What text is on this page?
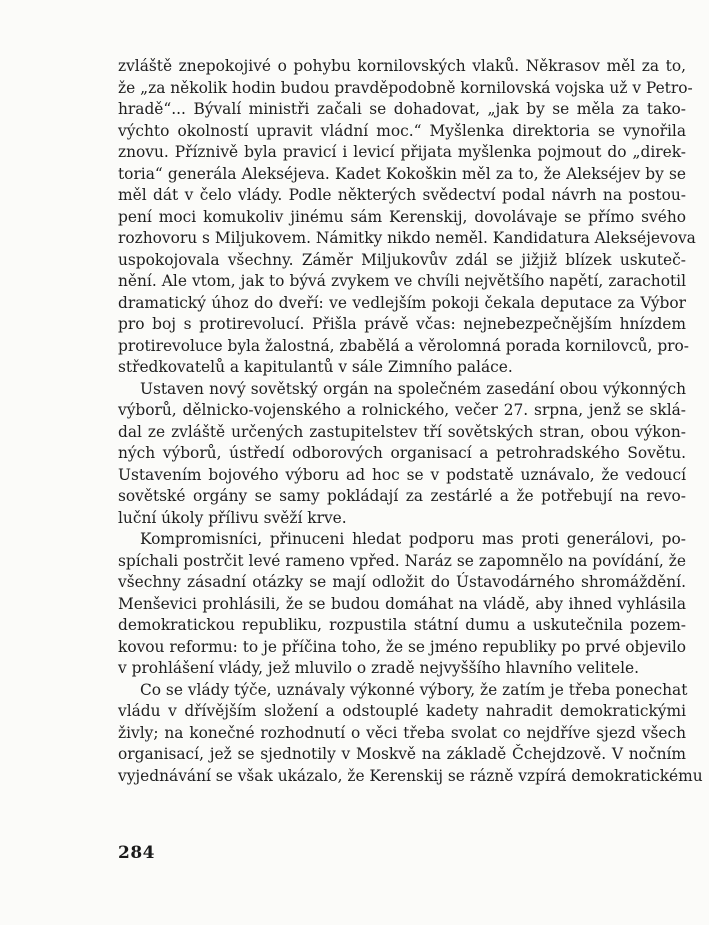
zvláště znepokojivé o pohybu kornilovských vlaků. Někrasov měl za to,
že „za několik hodin budou pravděpodobně kornilovská vojska už v Petro-
hradě“... Bývalí ministři začali se dohadovat, „jak by se měla za tako-
výchto okolností upravit vládní moc.“ Myšlenka direktoria se vynořila
znovu. Příznivě byla pravicí i levicí přijata myšlenka pojmout do „direk-
toria“ generála Alekséjeva. Kadet Kokoškin měl za to, že Alekséjev by se
měl dát v čelo vlády. Podle některých svědectví podal návrh na postou-
pení moci komukoliv jinému sám Kerenskij, dovolávaje se přímo svého
rozhovoru s Miljukovem. Námitky nikdo neměl. Kandidatura Alekséjevova
uspokojovala všechny. Záměr Miljukovův zdál se jižjiž blízek uskuteč-
nění. Ale vtom, jak to bývá zvykem ve chvíli největšího napětí, zarachotil
dramatický úhoz do dveří: ve vedlejším pokoji čekala deputace za Výbor
pro boj s protirevolucí. Přišla právě včas: nejnebezpečnějším hnízdem
protirevoluce byla žalostná, zbabělá a věrolomná porada kornilovců, pro-
středkovatelů a kapitulantů v sále Zimního paláce.
Ustaven nový sovětský orgán na společném zasedání obou výkonných
výborů, dělnicko-vojenského a rolnického, večer 27. srpna, jenž se sklá-
dal ze zvláště určených zastupitelstev tří sovětských stran, obou výkon-
ných výborů, ústředí odborových organisací a petrohradského Sovětu.
Ustavením bojového výboru ad hoc se v podstatě uznávalo, že vedoucí
sovětské orgány se samy pokládají za zestárlé a že potřebují na revo-
luční úkoly přílivu svěží krve.
Kompromisníci, přinuceni hledat podporu mas proti generálovi, po-
spíchali postrčit levé rameno vpřed. Naráz se zapomnělo na povídání, že
všechny zásadní otázky se mají odložit do Ústavodárného shromáždění.
Menševici prohlásili, že se budou domáhat na vládě, aby ihned vyhlásila
demokratickou republiku, rozpustila státní dumu a uskutečnila pozem-
kovou reformu: to je příčina toho, že se jméno republiky po prvé objevilo
v prohlášení vlády, jež mluvilo o zradě nejvyššího hlavního velitele.
Co se vlády týče, uznávaly výkonné výbory, že zatím je třeba ponechat
vládu v dřívějším složení a odstouplé kadety nahradit demokratickými
živly; na konečné rozhodnutí o věci třeba svolat co nejdříve sjezd všech
organisací, jež se sjednotily v Moskvě na základě Čchejdzově. V nočním
vyjednávání se však ukázalo, že Kerenskij se rázně vzpírá demokratickému
284
